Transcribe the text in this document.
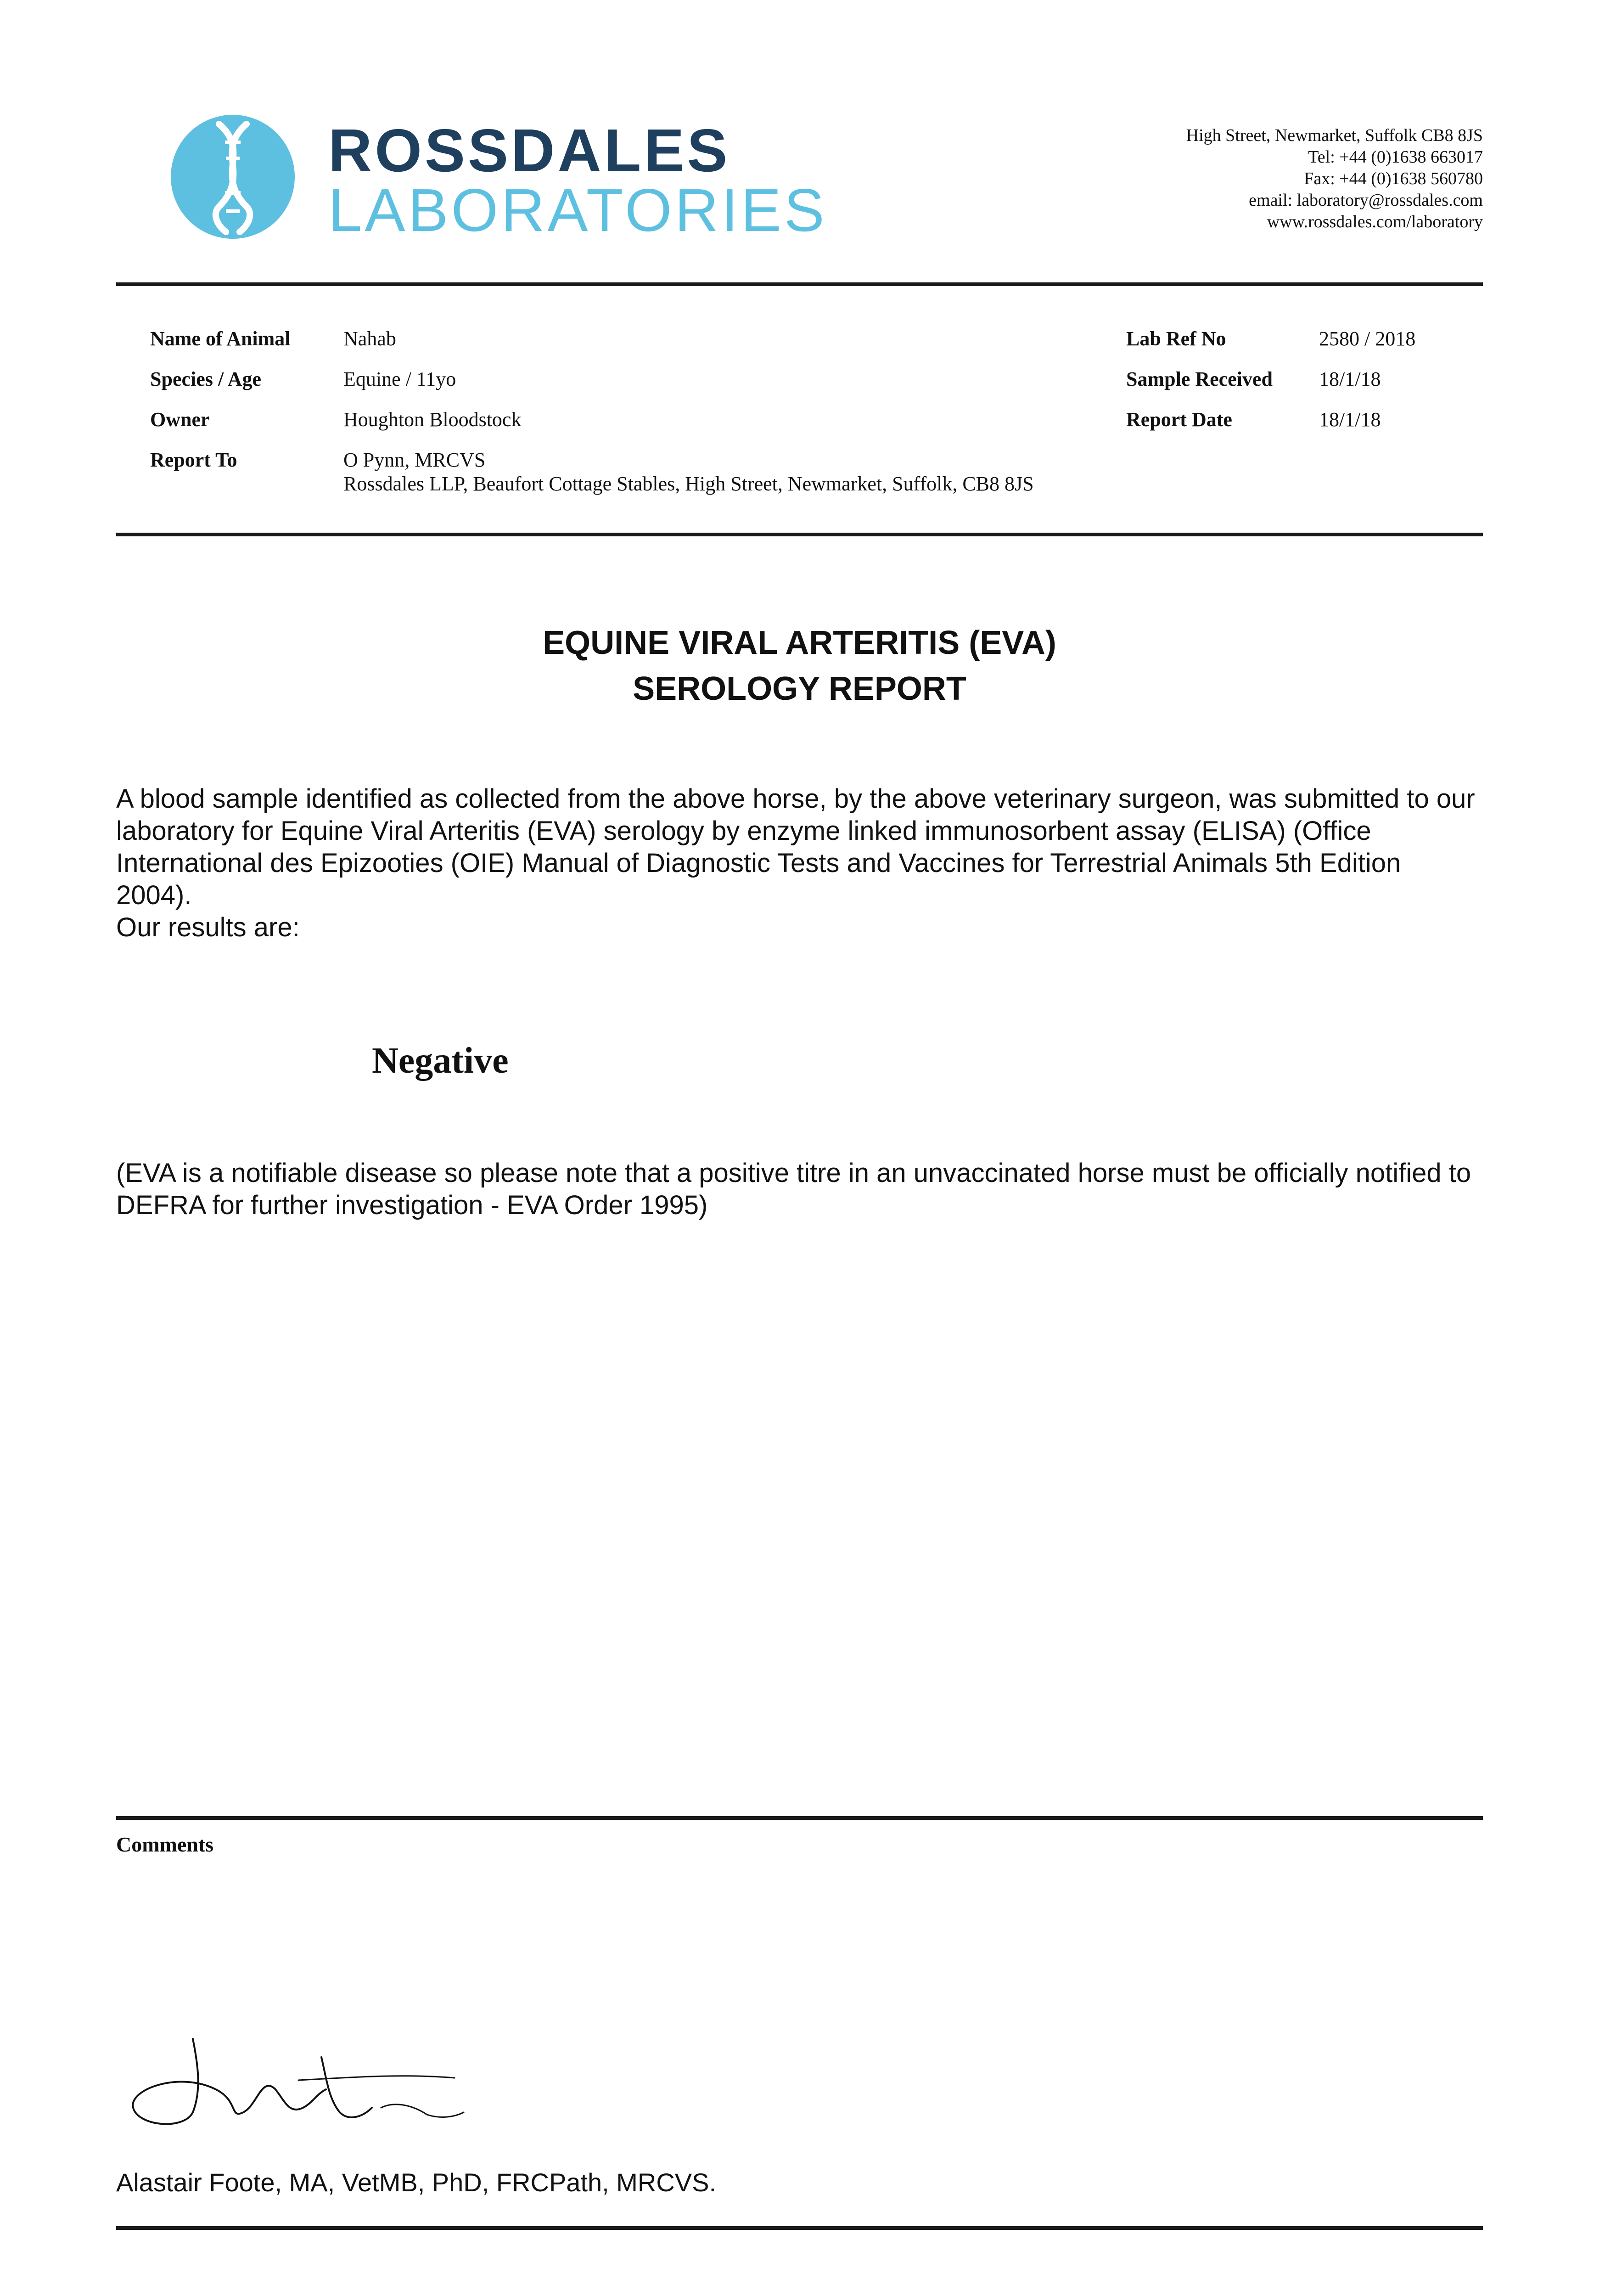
ROSSDALES
LABORATORIES
High Street, Newmarket, Suffolk CB8 8JS
Tel: +44 (0)1638 663017
Fax: +44 (0)1638 560780
email: laboratory@rossdales.com
www.rossdales.com/laboratory
Name of Animal	Nahab
Species / Age	Equine / 11yo
Owner	Houghton Bloodstock
Report To	O Pynn, MRCVS
Rossdales LLP, Beaufort Cottage Stables, High Street, Newmarket, Suffolk, CB8 8JS
Lab Ref No	2580 / 2018
Sample Received 18/1/18
Report Date	18/1/18
EQUINE VIRAL ARTERITIS (EVA)
SEROLOGY REPORT
A blood sample identified as collected from the above horse, by the above veterinary surgeon, was submitted to our laboratory for Equine Viral Arteritis (EVA) serology by enzyme linked immunosorbent assay (ELISA) (Office International des Epizooties (OIE) Manual of Diagnostic Tests and Vaccines for Terrestrial Animals 5th Edition 2004).
Our results are:
Negative
(EVA is a notifiable disease so please note that a positive titre in an unvaccinated horse must be officially notified to DEFRA for further investigation - EVA Order 1995)
Comments
Alastair Foote, MA, VetMB, PhD, FRCPath, MRCVS.
